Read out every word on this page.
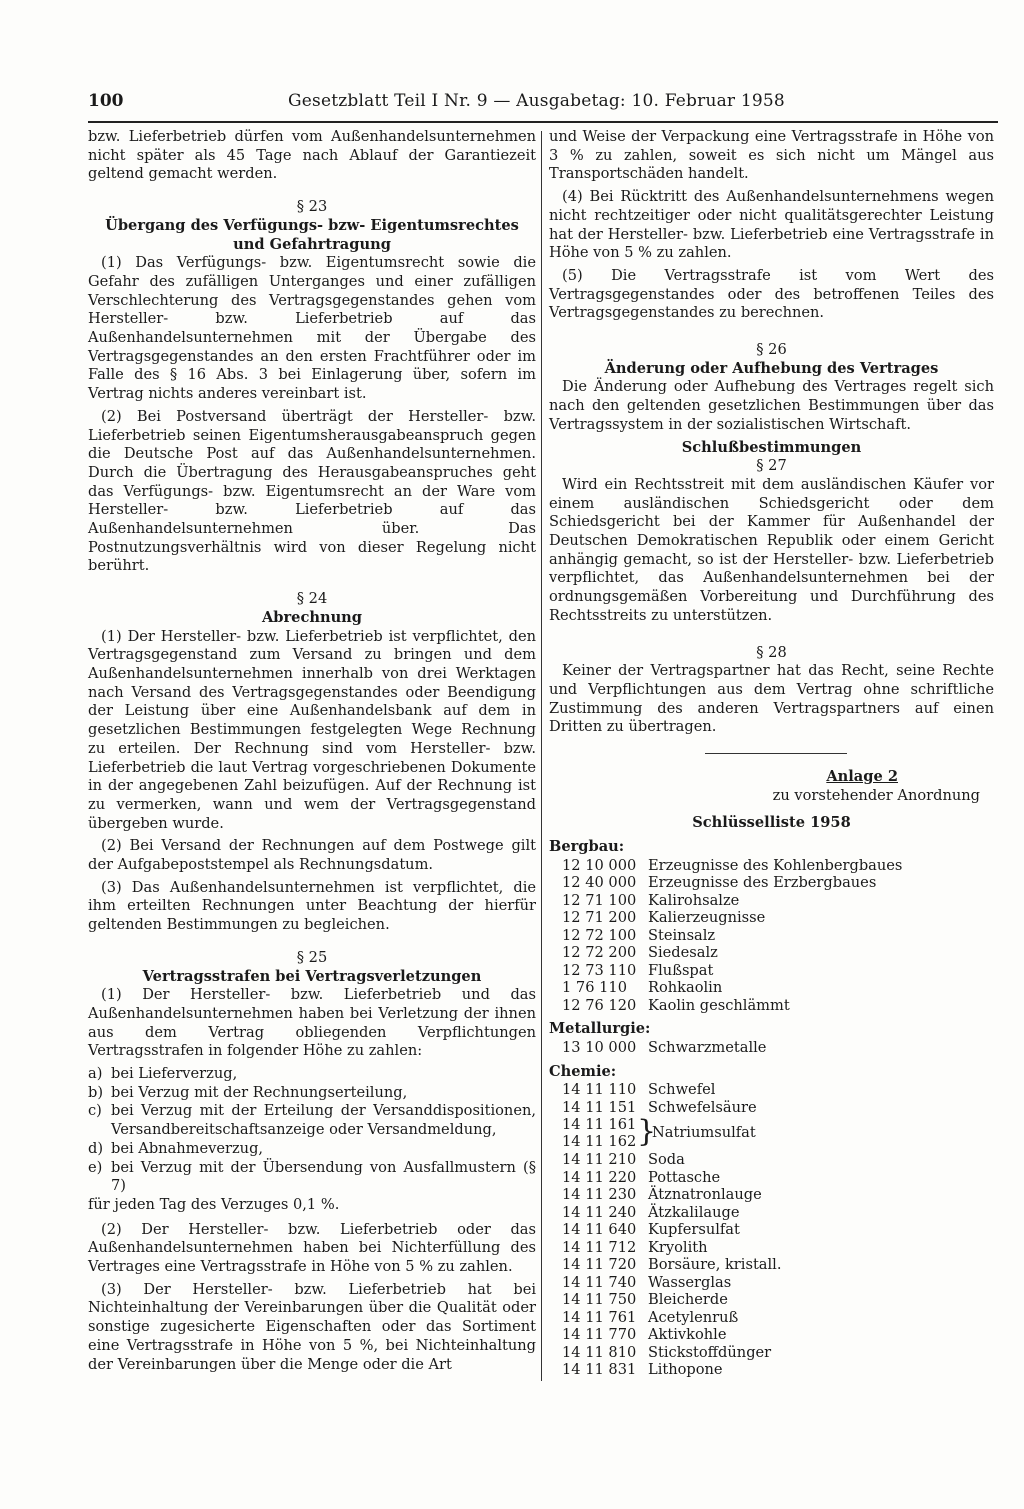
100	Gesetzblatt Teil I Nr. 9 — Ausgabetag: 10. Februar 1958

bzw. Lieferbetrieb dürfen vom Außenhandelsunternehmen nicht später als 45 Tage nach Ablauf der Garantiezeit geltend gemacht werden.

§ 23
Übergang des Verfügungs- bzw- Eigentumsrechtes
und Gefahrtragung

(1) Das Verfügungs- bzw. Eigentumsrecht sowie die Gefahr des zufälligen Unterganges und einer zufälligen Verschlechterung des Vertragsgegenstandes gehen vom Hersteller- bzw. Lieferbetrieb auf das Außenhandelsunternehmen mit der Übergabe des Vertragsgegenstandes an den ersten Frachtführer oder im Falle des § 16 Abs. 3 bei Einlagerung über, sofern im Vertrag nichts anderes vereinbart ist.

(2) Bei Postversand überträgt der Hersteller- bzw. Lieferbetrieb seinen Eigentumsherausgabeanspruch gegen die Deutsche Post auf das Außenhandelsunternehmen. Durch die Übertragung des Herausgabeanspruches geht das Verfügungs- bzw. Eigentumsrecht an der Ware vom Hersteller- bzw. Lieferbetrieb auf das Außenhandelsunternehmen über. Das Postnutzungsverhältnis wird von dieser Regelung nicht berührt.

§ 24
Abrechnung

(1) Der Hersteller- bzw. Lieferbetrieb ist verpflichtet, den Vertragsgegenstand zum Versand zu bringen und dem Außenhandelsunternehmen innerhalb von drei Werktagen nach Versand des Vertragsgegenstandes oder Beendigung der Leistung über eine Außenhandelsbank auf dem in gesetzlichen Bestimmungen festgelegten Wege Rechnung zu erteilen. Der Rechnung sind vom Hersteller- bzw. Lieferbetrieb die laut Vertrag vorgeschriebenen Dokumente in der angegebenen Zahl beizufügen. Auf der Rechnung ist zu vermerken, wann und wem der Vertragsgegenstand übergeben wurde.

(2) Bei Versand der Rechnungen auf dem Postwege gilt der Aufgabepoststempel als Rechnungsdatum.

(3) Das Außenhandelsunternehmen ist verpflichtet, die ihm erteilten Rechnungen unter Beachtung der hierfür geltenden Bestimmungen zu begleichen.

§ 25
Vertragsstrafen bei Vertragsverletzungen

(1) Der Hersteller- bzw. Lieferbetrieb und das Außenhandelsunternehmen haben bei Verletzung der ihnen aus dem Vertrag obliegenden Verpflichtungen Vertragsstrafen in folgender Höhe zu zahlen:

a) bei Lieferverzug,
b) bei Verzug mit der Rechnungserteilung,
c) bei Verzug mit der Erteilung der Versanddispositionen, Versandbereitschaftsanzeige oder Versandmeldung,
d) bei Abnahmeverzug,
e) bei Verzug mit der Übersendung von Ausfallmustern (§ 7)

für jeden Tag des Verzuges 0,1 %.

(2) Der Hersteller- bzw. Lieferbetrieb oder das Außenhandelsunternehmen haben bei Nichterfüllung des Vertrages eine Vertragsstrafe in Höhe von 5 % zu zahlen.

(3) Der Hersteller- bzw. Lieferbetrieb hat bei Nichteinhaltung der Vereinbarungen über die Qualität oder sonstige zugesicherte Eigenschaften oder das Sortiment eine Vertragsstrafe in Höhe von 5 %, bei Nichteinhaltung der Vereinbarungen über die Menge oder die Art

und Weise der Verpackung eine Vertragsstrafe in Höhe von 3 % zu zahlen, soweit es sich nicht um Mängel aus Transportschäden handelt.

(4) Bei Rücktritt des Außenhandelsunternehmens wegen nicht rechtzeitiger oder nicht qualitätsgerechter Leistung hat der Hersteller- bzw. Lieferbetrieb eine Vertragsstrafe in Höhe von 5 % zu zahlen.

(5) Die Vertragsstrafe ist vom Wert des Vertragsgegenstandes oder des betroffenen Teiles des Vertragsgegenstandes zu berechnen.

§ 26
Änderung oder Aufhebung des Vertrages

Die Änderung oder Aufhebung des Vertrages regelt sich nach den geltenden gesetzlichen Bestimmungen über das Vertragssystem in der sozialistischen Wirtschaft.

Schlußbestimmungen
§ 27

Wird ein Rechtsstreit mit dem ausländischen Käufer vor einem ausländischen Schiedsgericht oder dem Schiedsgericht bei der Kammer für Außenhandel der Deutschen Demokratischen Republik oder einem Gericht anhängig gemacht, so ist der Hersteller- bzw. Lieferbetrieb verpflichtet, das Außenhandelsunternehmen bei der ordnungsgemäßen Vorbereitung und Durchführung des Rechtsstreits zu unterstützen.

§ 28

Keiner der Vertragspartner hat das Recht, seine Rechte und Verpflichtungen aus dem Vertrag ohne schriftliche Zustimmung des anderen Vertragspartners auf einen Dritten zu übertragen.

Anlage 2
zu vorstehender Anordnung
Schlüsselliste 1958
Bergbau:
12 10 000 Erzeugnisse des Kohlenbergbaues
12 40 000 Erzeugnisse des Erzbergbaues
12 71 100 Kalirohsalze
12 71 200 Kalierzeugnisse
12 72 100 Steinsalz
12 72 200 Siedesalz
12 73 110 Flußspat
1 76 110 Rohkaolin
12 76 120 Kaolin geschlämmt
Metallurgie:
13 10 000 Schwarzmetalle
Chemie:
14 11 110 Schwefel
14 11 151 Schwefelsäure
14 11 161
14 11 162 }
Natriumsulfat
14 11 210 Soda
14 11 220 Pottasche
14 11 230 Ätznatronlauge
14 11 240 Ätzkalilauge
14 11 640 Kupfersulfat
14 11 712 Kryolith
14 11 720 Borsäure, kristall.
14 11 740 Wasserglas
14 11 750 Bleicherde
14 11 761 Acetylenruß
14 11 770 Aktivkohle
14 11 810 Stickstoffdünger
14 11 831 Lithopone
